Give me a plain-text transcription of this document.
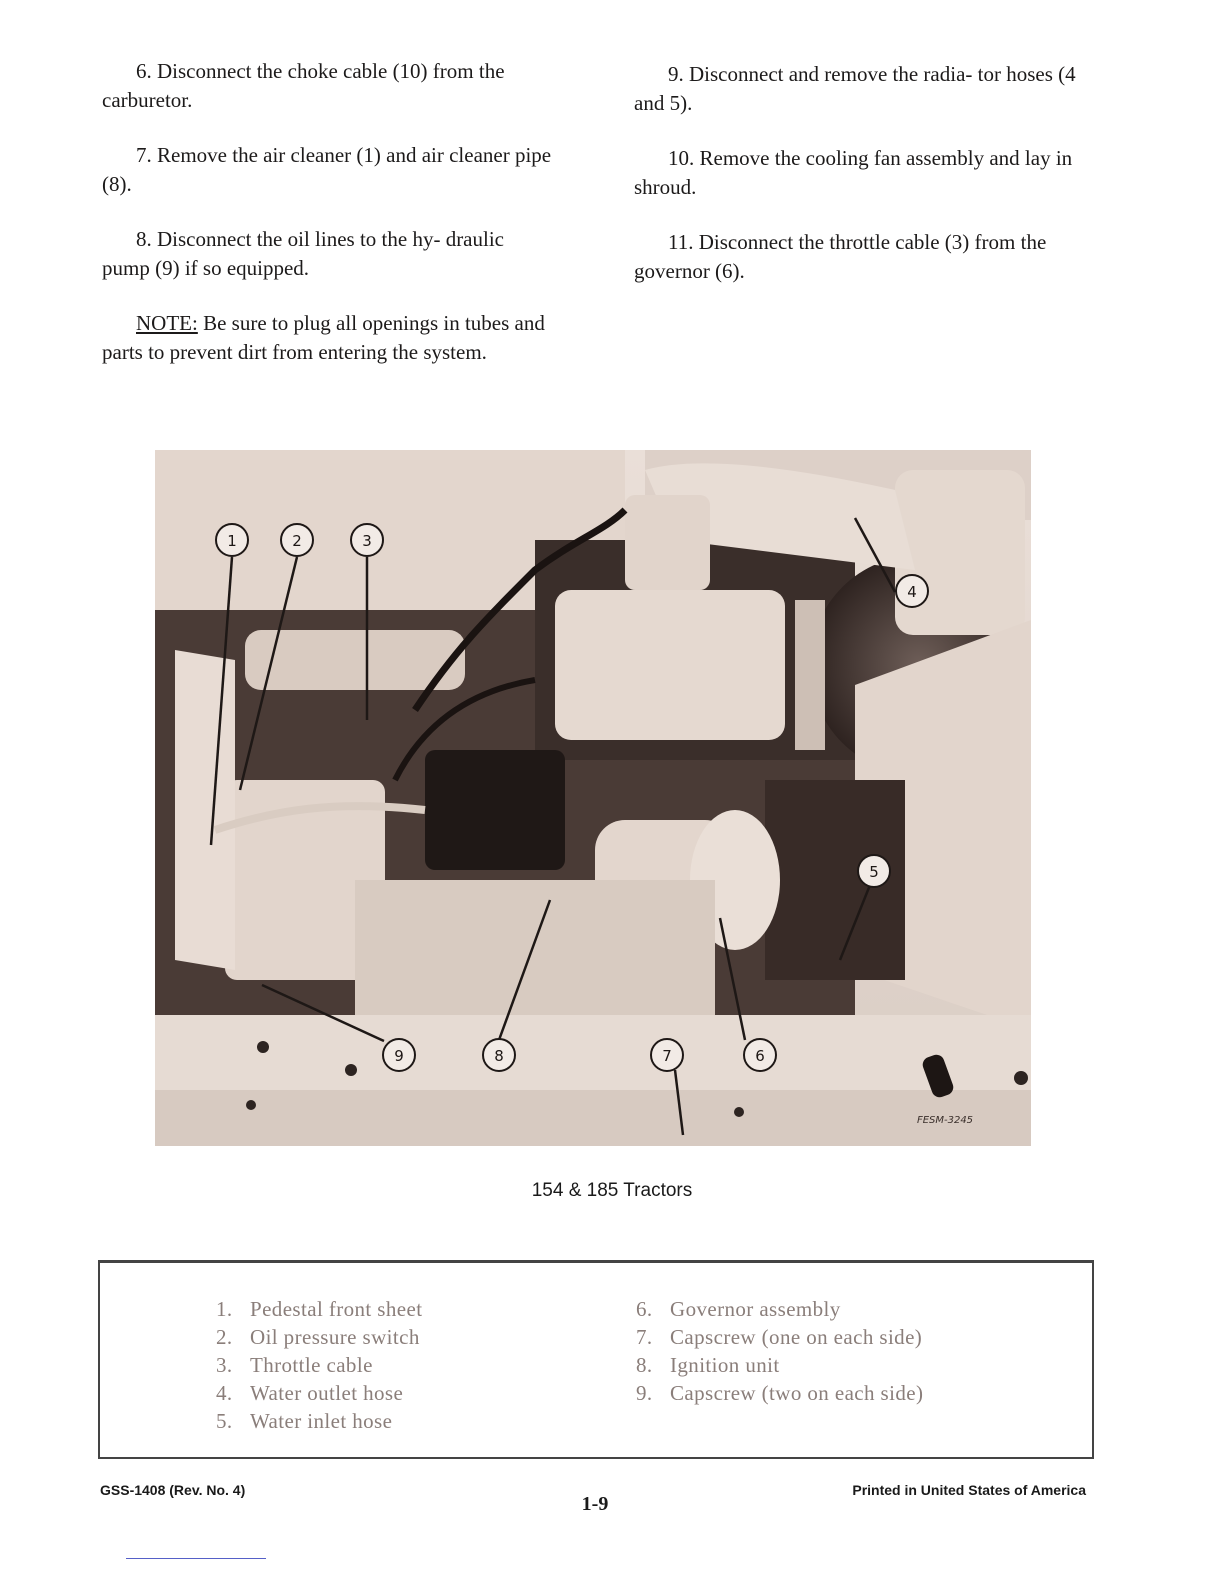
6. Disconnect the choke cable (10) from the carburetor.

7. Remove the air cleaner (1) and air cleaner pipe (8).

8. Disconnect the oil lines to the hy- draulic pump (9) if so equipped.

NOTE: Be sure to plug all openings in tubes and parts to prevent dirt from entering the system.

9. Disconnect and remove the radia- tor hoses (4 and 5).

10. Remove the cooling fan assembly and lay in shroud.

11. Disconnect the throttle cable (3) from the governor (6).

1	2	3
4
5
6
7
8
9
FESM-3245
154 & 185 Tractors
1. Pedestal front sheet
2. Oil pressure switch
3. Throttle cable
4. Water outlet hose
5. Water inlet hose
6. Governor assembly
7. Capscrew (one on each side)
8. Ignition unit
9. Capscrew (two on each side)
GSS-1408 (Rev. No. 4)
1-9
Printed in United States of America
